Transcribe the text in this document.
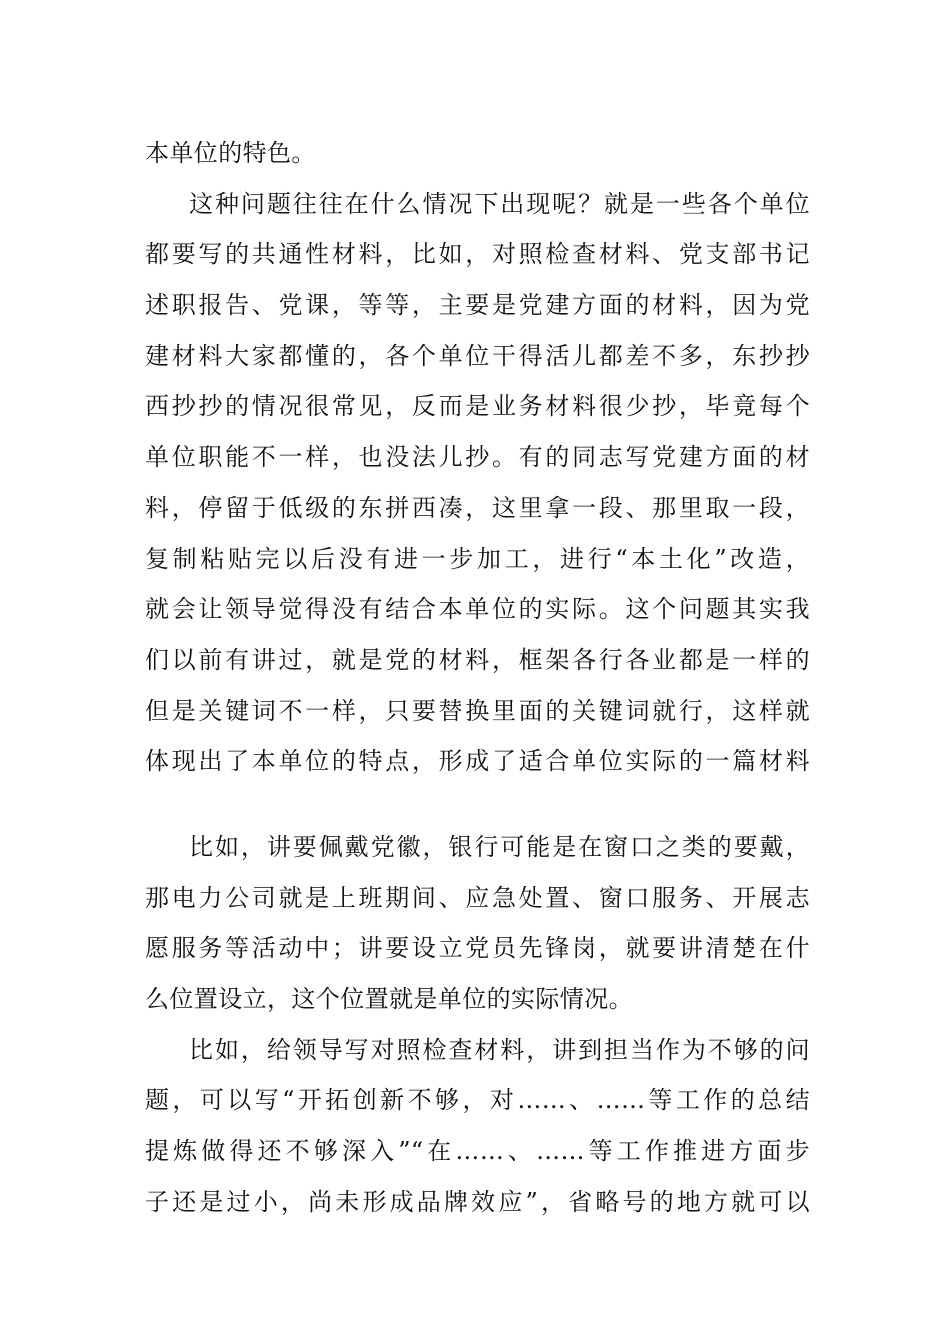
本单位的特色。
这种问题往往在什么情况下出现呢？就是一些各个单位
都要写的共通性材料，比如，对照检查材料、党支部书记
述职报告、党课，等等，主要是党建方面的材料，因为党
建材料大家都懂的，各个单位干得活儿都差不多，东抄抄
西抄抄的情况很常见，反而是业务材料很少抄，毕竟每个
单位职能不一样，也没法儿抄。有的同志写党建方面的材
料，停留于低级的东拼西凑，这里拿一段、那里取一段，
复制粘贴完以后没有进一步加工，进行“本土化”改造，
就会让领导觉得没有结合本单位的实际。这个问题其实我
们以前有讲过，就是党的材料，框架各行各业都是一样的
但是关键词不一样，只要替换里面的关键词就行，这样就
体现出了本单位的特点，形成了适合单位实际的一篇材料
比如，讲要佩戴党徽，银行可能是在窗口之类的要戴，
那电力公司就是上班期间、应急处置、窗口服务、开展志
愿服务等活动中；讲要设立党员先锋岗，就要讲清楚在什
么位置设立，这个位置就是单位的实际情况。
比如，给领导写对照检查材料，讲到担当作为不够的问
题，可以写“开拓创新不够，对……、……等工作的总结
提炼做得还不够深入”“在……、……等工作推进方面步
子还是过小，尚未形成品牌效应”，省略号的地方就可以
